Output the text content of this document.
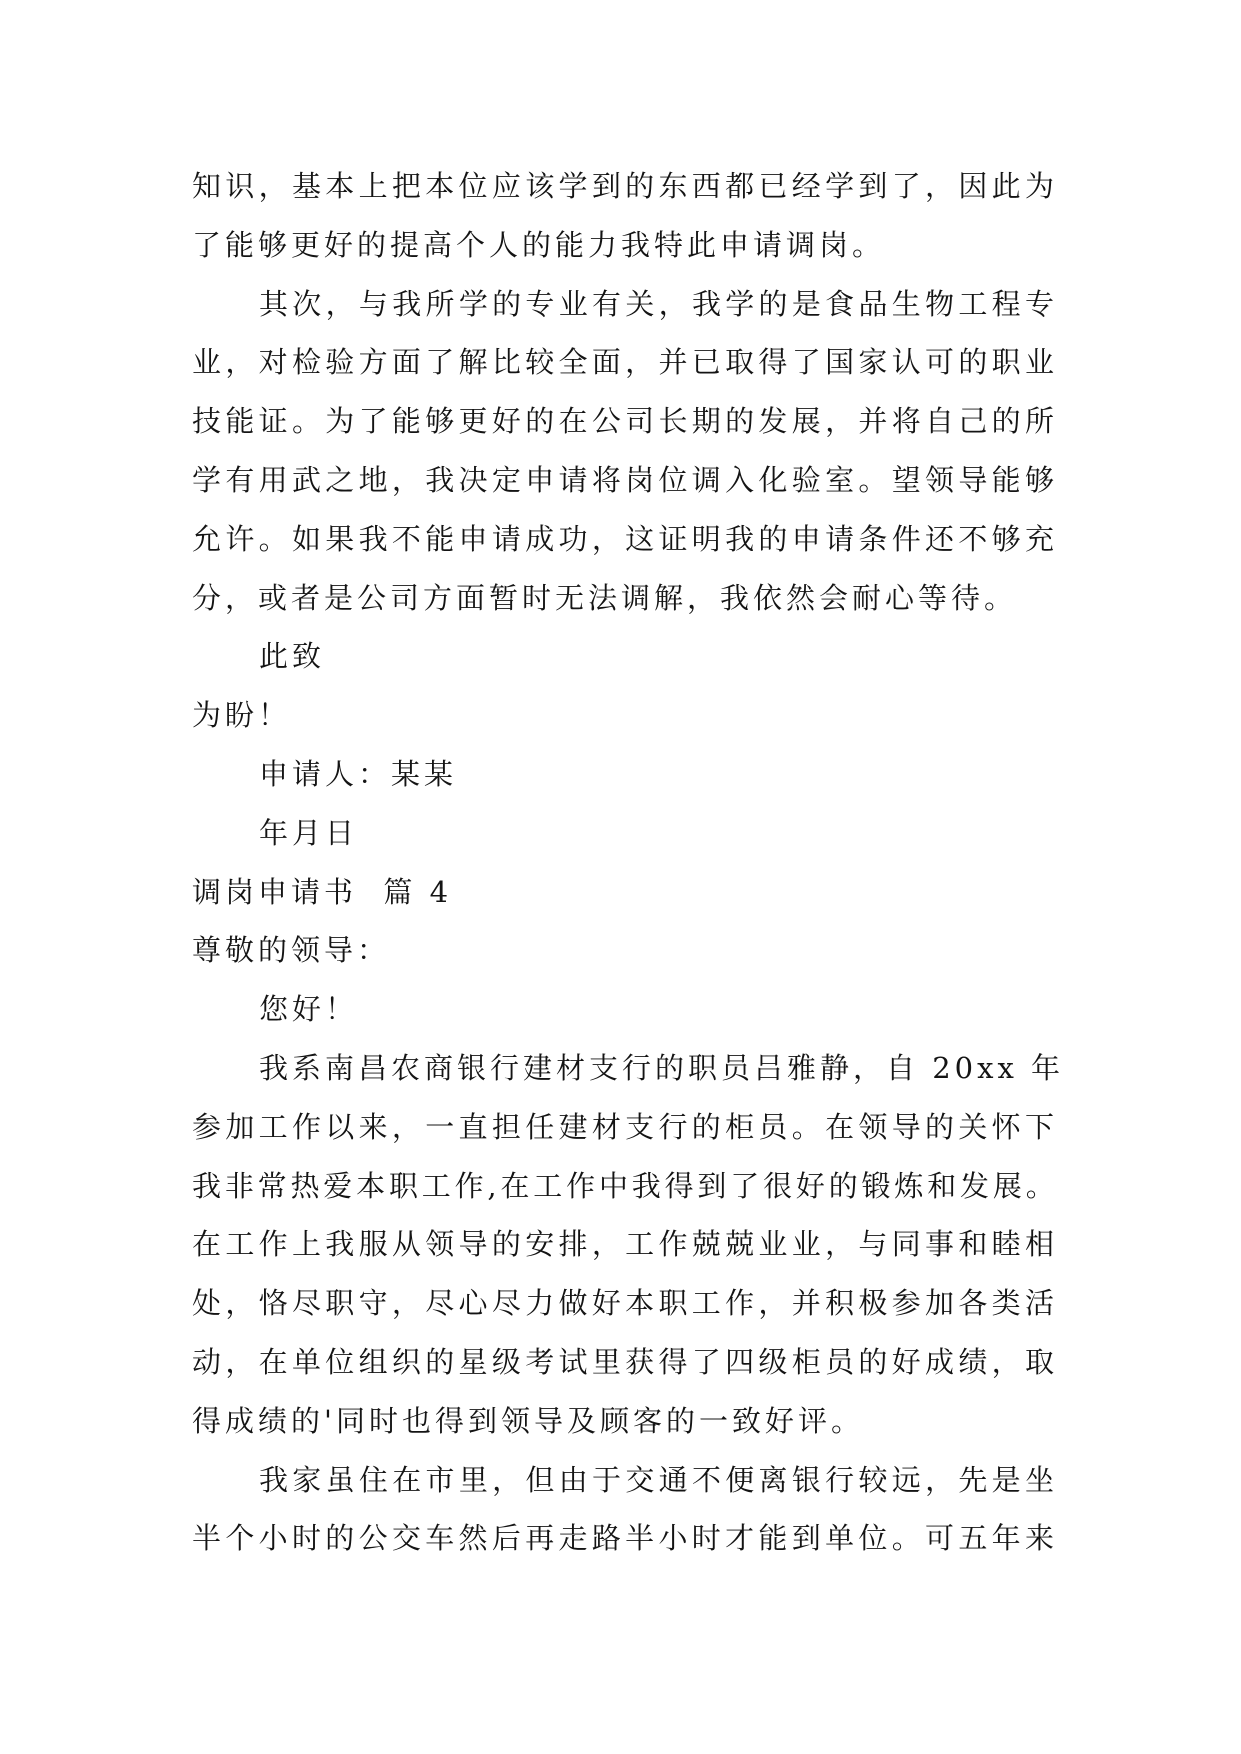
知识，基本上把本位应该学到的东西都已经学到了，因此为
了能够更好的提高个人的能力我特此申请调岗。
其次，与我所学的专业有关，我学的是食品生物工程专
业，对检验方面了解比较全面，并已取得了国家认可的职业
技能证。为了能够更好的在公司长期的发展，并将自己的所
学有用武之地，我决定申请将岗位调入化验室。望领导能够
允许。如果我不能申请成功，这证明我的申请条件还不够充
分，或者是公司方面暂时无法调解，我依然会耐心等待。
此致
为盼！
申请人：某某
年月日
调岗申请书  篇 4
尊敬的领导：
您好！
我系南昌农商银行建材支行的职员吕雅静，自 20xx 年
参加工作以来，一直担任建材支行的柜员。在领导的关怀下
我非常热爱本职工作,在工作中我得到了很好的锻炼和发展。
在工作上我服从领导的安排，工作兢兢业业，与同事和睦相
处，恪尽职守，尽心尽力做好本职工作，并积极参加各类活
动，在单位组织的星级考试里获得了四级柜员的好成绩，取
得成绩的'同时也得到领导及顾客的一致好评。
我家虽住在市里，但由于交通不便离银行较远，先是坐
半个小时的公交车然后再走路半小时才能到单位。可五年来
